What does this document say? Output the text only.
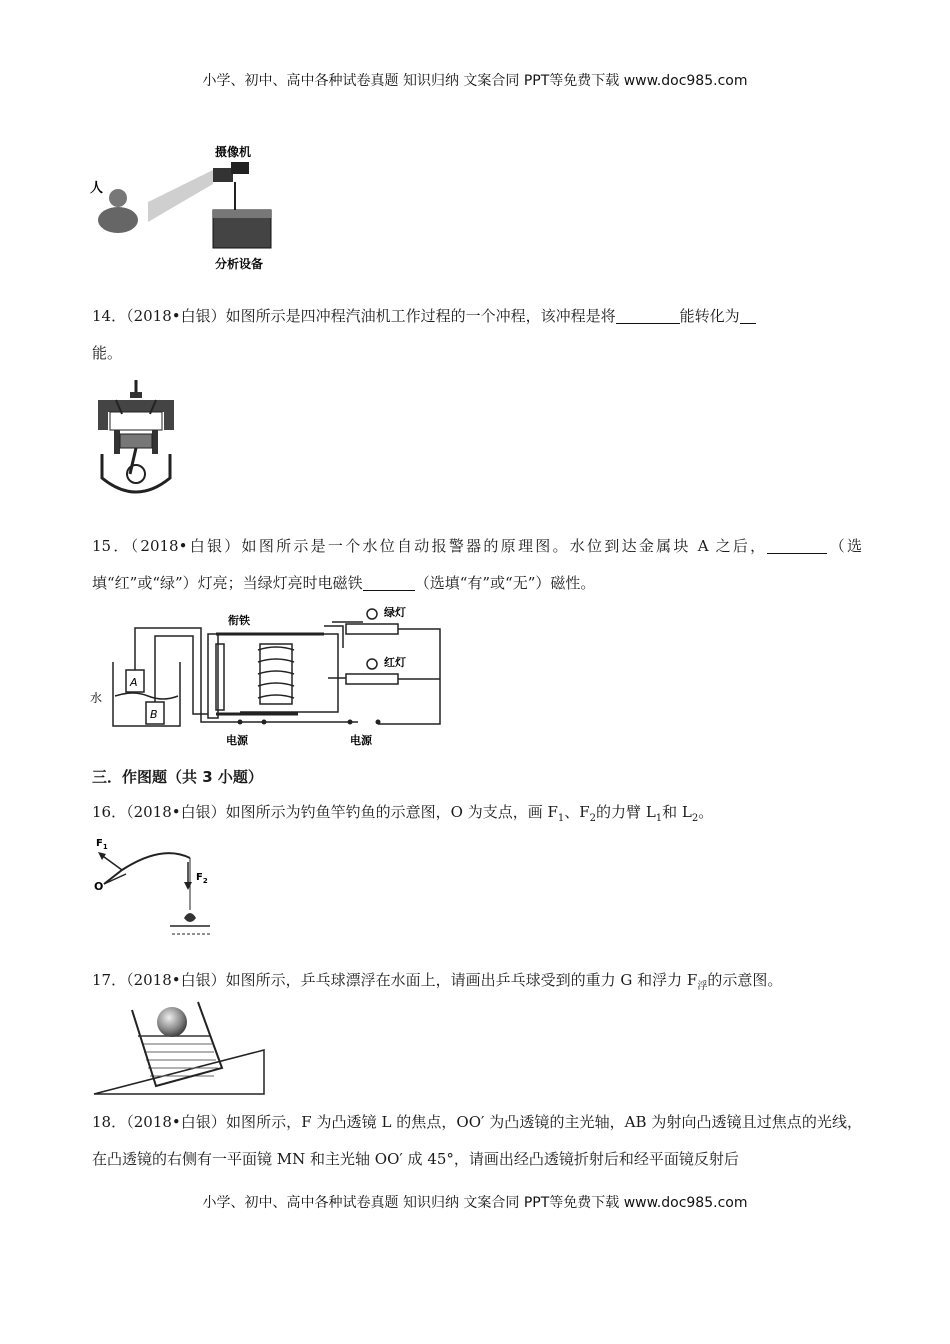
小学、初中、高中各种试卷真题 知识归纳 文案合同 PPT等免费下载 www.doc985.com
人
摄像机
分析设备

14．（2018•白银）如图所示是四冲程汽油机工作过程的一个冲程，该冲程是将	能转化为
能。

15．（2018•白银）如图所示是一个水位自动报警器的原理图。水位到达金属块 A 之后，	（选填“红”或“绿”）灯亮；当绿灯亮时电磁铁	（选填“有”或“无”）磁性。

水
A
B
衔铁
绿灯
红灯
电源	电源
三．作图题（共 3 小题）

16．（2018•白银）如图所示为钓鱼竿钓鱼的示意图，O 为支点，画 $F_1$、$F_2$的力臂 $L_1$和 $L_2$。

$F_1$
O
$F_2$

17．（2018•白银）如图所示，乒乓球漂浮在水面上，请画出乒乓球受到的重力 G 和浮力 $F_浮$的示意图。

18．（2018•白银）如图所示，F 为凸透镜 L 的焦点，OO′ 为凸透镜的主光轴，AB 为射向凸透镜且过焦点的光线，在凸透镜的右侧有一平面镜 MN 和主光轴 OO′ 成 45°，请画出经凸透镜折射后和经平面镜反射后

小学、初中、高中各种试卷真题 知识归纳 文案合同 PPT等免费下载 www.doc985.com
